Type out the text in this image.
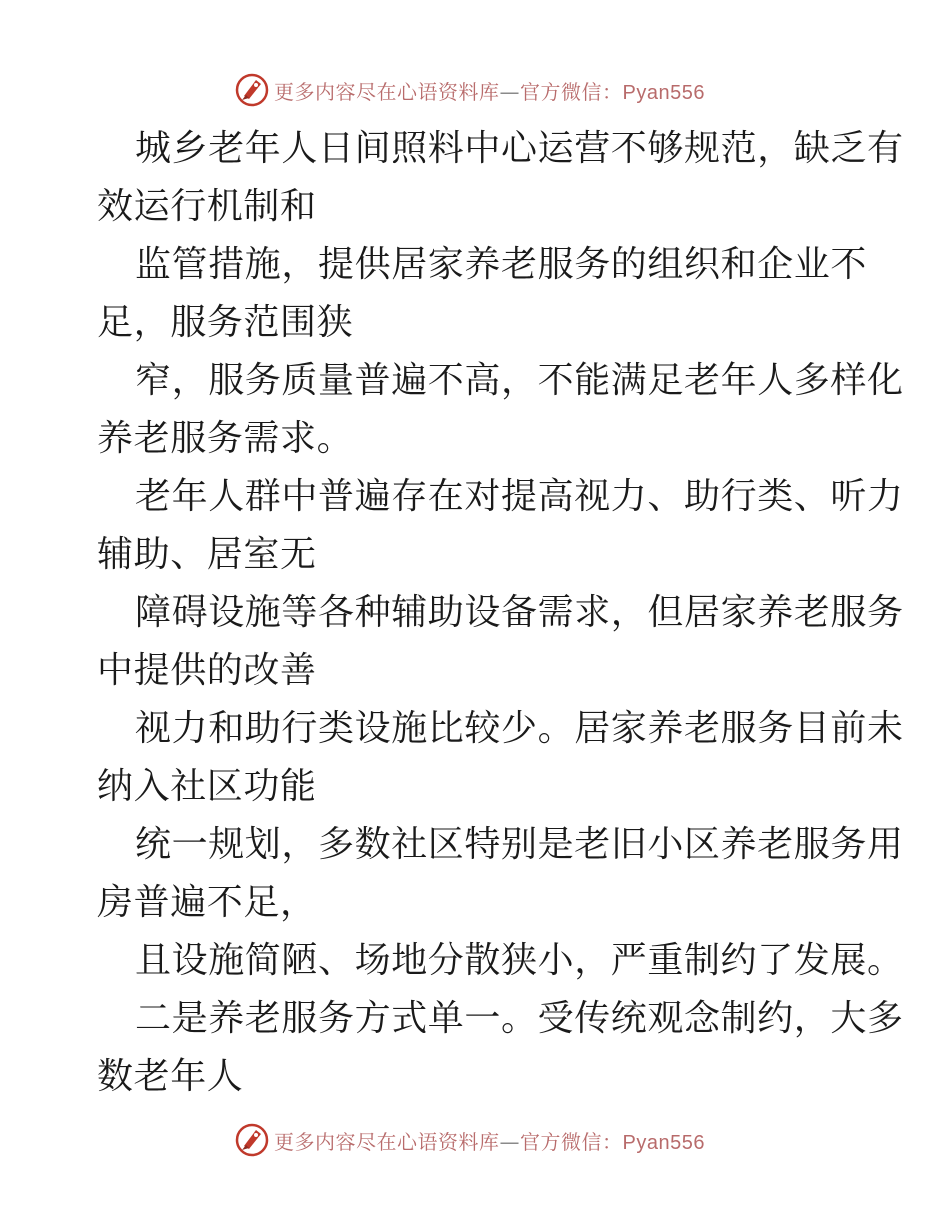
更多内容尽在心语资料库—官方微信：Pyan556
城乡老年人日间照料中心运营不够规范，缺乏有
效运行机制和
监管措施，提供居家养老服务的组织和企业不
足，服务范围狭
窄，服务质量普遍不高，不能满足老年人多样化
养老服务需求。
老年人群中普遍存在对提高视力、助行类、听力
辅助、居室无
障碍设施等各种辅助设备需求，但居家养老服务
中提供的改善
视力和助行类设施比较少。居家养老服务目前未
纳入社区功能
统一规划，多数社区特别是老旧小区养老服务用
房普遍不足，
且设施简陋、场地分散狭小，严重制约了发展。
二是养老服务方式单一。受传统观念制约，大多
数老年人
更多内容尽在心语资料库—官方微信：Pyan556
